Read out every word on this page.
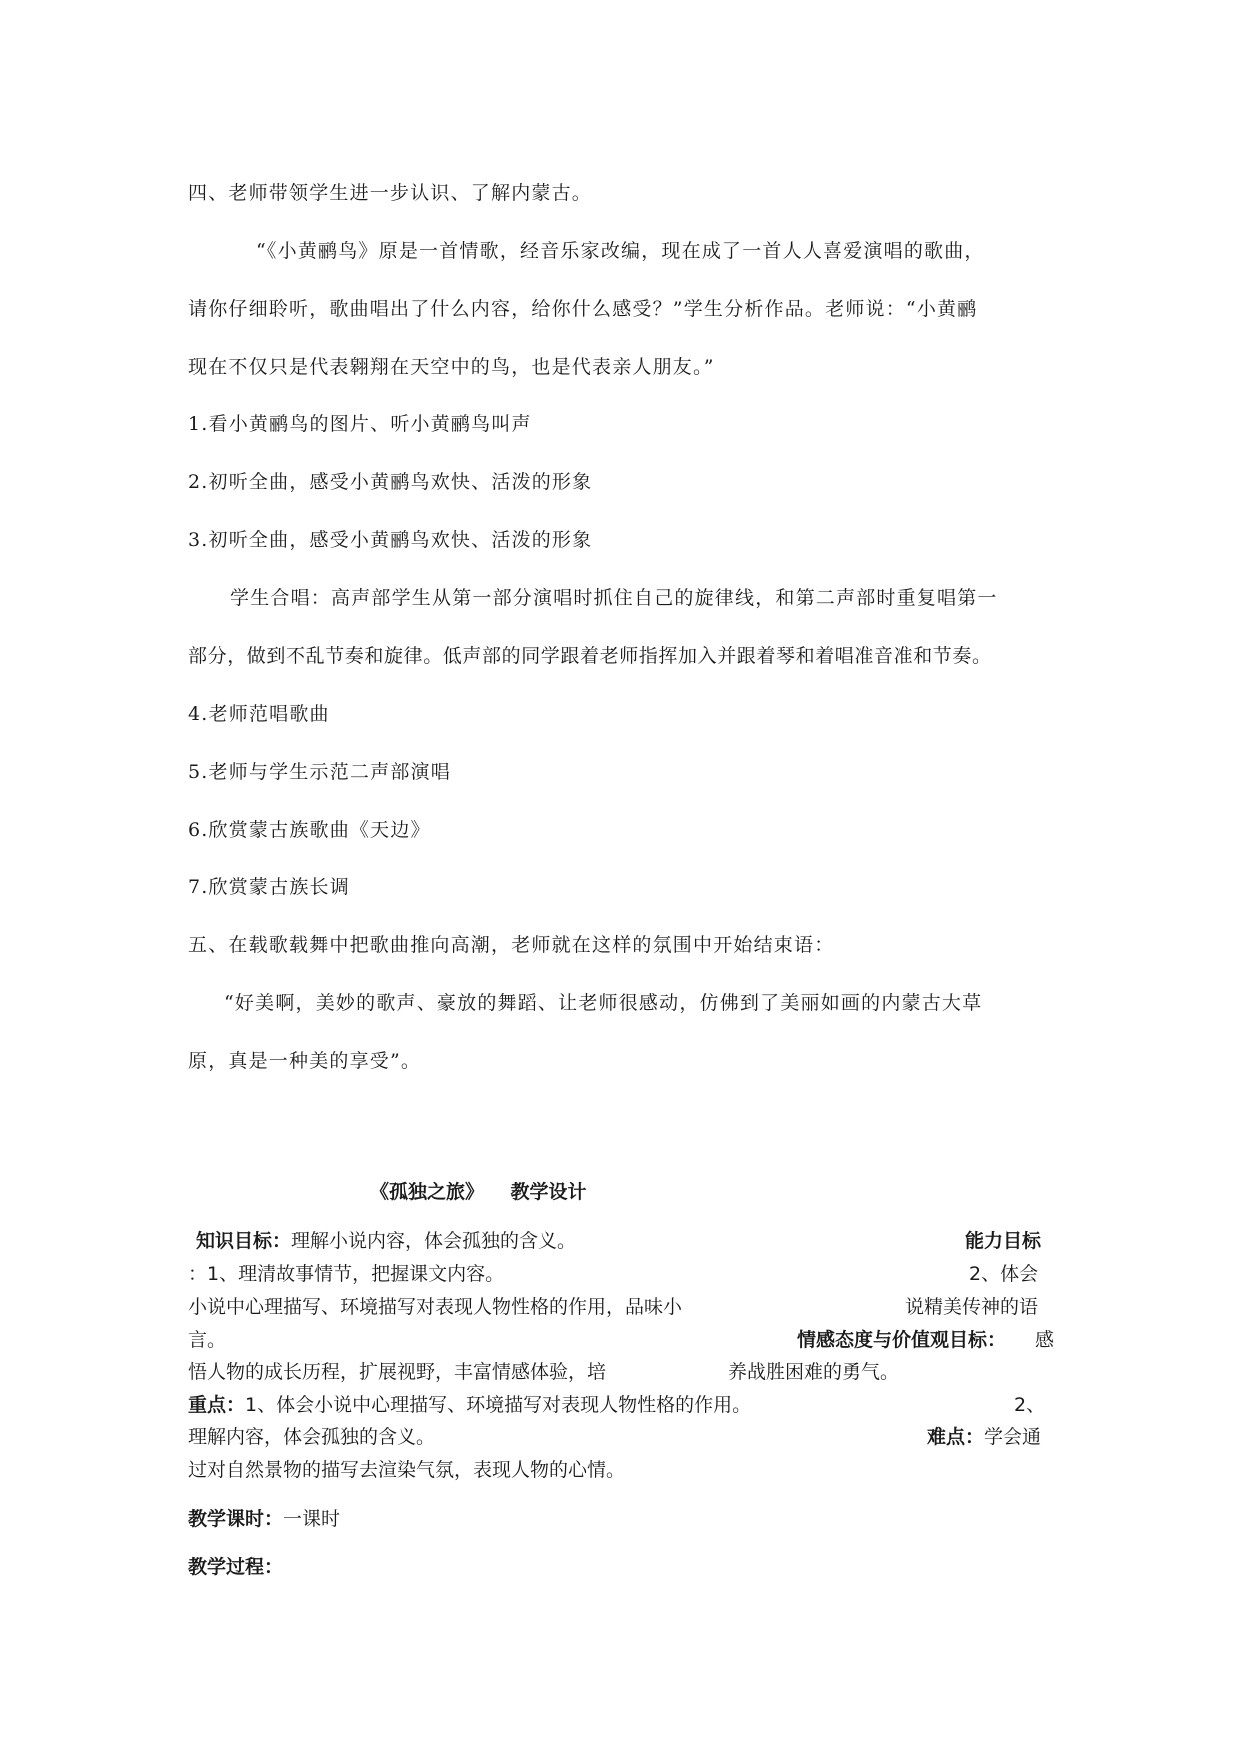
四、老师带领学生进一步认识、了解内蒙古。
“《小黄鹂鸟》原是一首情歌，经音乐家改编，现在成了一首人人喜爱演唱的歌曲，
请你仔细聆听，歌曲唱出了什么内容，给你什么感受？”学生分析作品。老师说：“小黄鹂
现在不仅只是代表翱翔在天空中的鸟，也是代表亲人朋友。”
1.看小黄鹂鸟的图片、听小黄鹂鸟叫声
2.初听全曲，感受小黄鹂鸟欢快、活泼的形象
3.初听全曲，感受小黄鹂鸟欢快、活泼的形象
学生合唱：高声部学生从第一部分演唱时抓住自己的旋律线，和第二声部时重复唱第一
部分，做到不乱节奏和旋律。低声部的同学跟着老师指挥加入并跟着琴和着唱准音准和节奏。
4.老师范唱歌曲
5.老师与学生示范二声部演唱
6.欣赏蒙古族歌曲《天边》
7.欣赏蒙古族长调
五、在载歌载舞中把歌曲推向高潮，老师就在这样的氛围中开始结束语：
“好美啊，美妙的歌声、豪放的舞蹈、让老师很感动，仿佛到了美丽如画的内蒙古大草
原，真是一种美的享受”。
《孤独之旅》    教学设计
知识目标：理解小说内容，体会孤独的含义。	能力目标
：1、理清故事情节，把握课文内容。	2、体会
小说中心理描写、环境描写对表现人物性格的作用，品味小	说精美传神的语
言。	情感态度与价值观目标： 感
悟人物的成长历程，扩展视野，丰富情感体验，培	养战胜困难的勇气。
重点：1、体会小说中心理描写、环境描写对表现人物性格的作用。	2、
理解内容，体会孤独的含义。	难点：学会通
过对自然景物的描写去渲染气氛，表现人物的心情。
教学课时：一课时
教学过程：
